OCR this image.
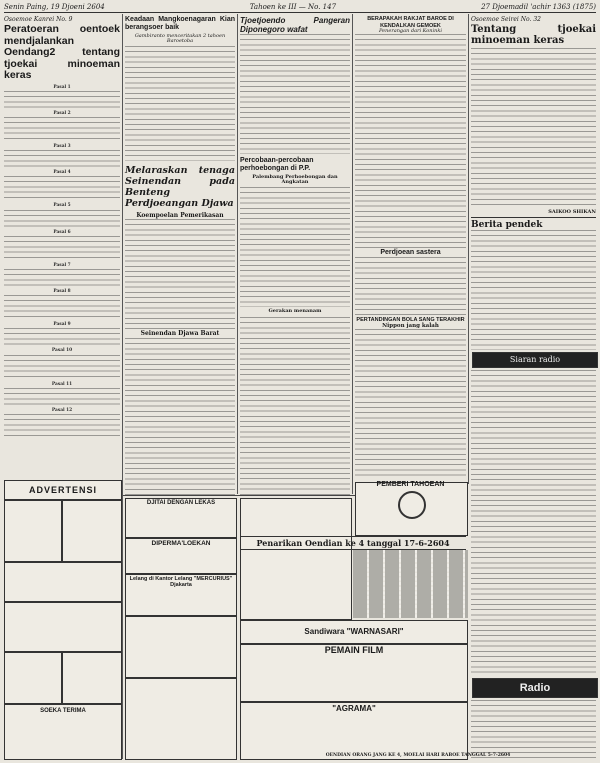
Senin Paing, 19 Djoeni 2604	Tahoen ke III — No. 147	27 Djoemadil 'achir 1363 (1875)
Osoemoe Kanrei No. 9
Peratoeran oentoek mendjalankan Oendang2 tentang tjoekai minoeman keras
Pasal 1
Pasal 2
Pasal 3
Pasal 4
Pasal 5
Pasal 6
Pasal 7
Pasal 8
Pasal 9
Pasal 10
Pasal 11
Pasal 12
Keadaan Mangkoenagaran Kian berangsoer baik
Gambiranto menceritakan 2 tahoen Baroetoba
Melaraskan tenaga Seinendan pada Benteng Perdjoeangan Djawa
Koempoelan Pemerikasan
Seinendan Djawa Barat
Tjoetjoendo Pangeran Diponegoro wafat
Percobaan-percobaan perhoebongan di P.P.
Palembang Perhoebongan dan Angkatan
Gerakan menanam
BERAPAKAH RAKJAT BAROE DI KENDALKAN GEMOEK
Penerangan dari Koninki
Perdjoean sastera
PERTANDINGAN BOLA SANG TERAKHIR
Nippon jang kalah
Osoemoe Seirei No. 32
Tentang tjoekai minoeman keras
SAIKOO SHIKAN
Berita pendek
Siaran radio
Radio
ADVERTENSI
SOEKA TERIMA
DJITAI DENGAN LEKAS
DIPERMA'LOEKAN
Lelang di Kantor Lelang "MERCURIUS" Djakarta
Sandiwara "WARNASARI"
PEMAIN FILM
"AGRAMA"
PEMBERI TAHOEAN
Penarikan Oendian ke 4 tanggal 17-6-2604
OENDIAN ORANG JANG KE 4, MOELAI HARI RABOE TANGGAL 5-7-2604
